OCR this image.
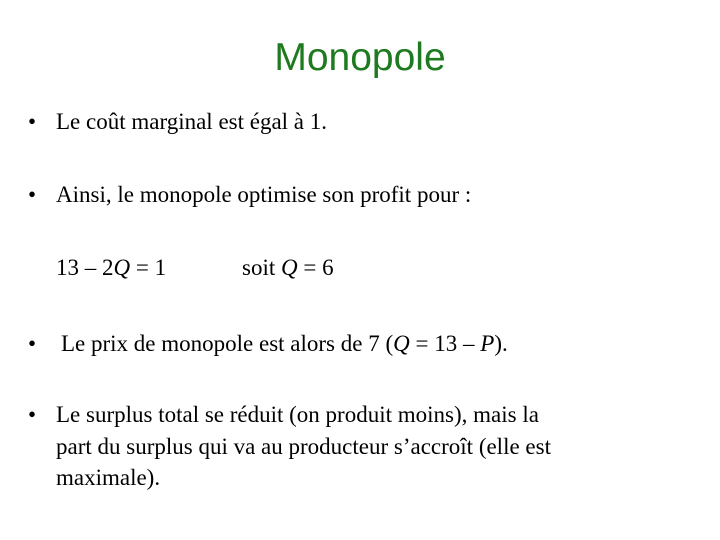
Monopole
• Le coût marginal est égal à 1.
• Ainsi, le monopole optimise son profit pour :
13 – 2Q = 1	soit Q = 6
• Le prix de monopole est alors de 7 (Q = 13 – P).
• Le surplus total se réduit (on produit moins), mais la
part du surplus qui va au producteur s’accroît (elle est
maximale).
